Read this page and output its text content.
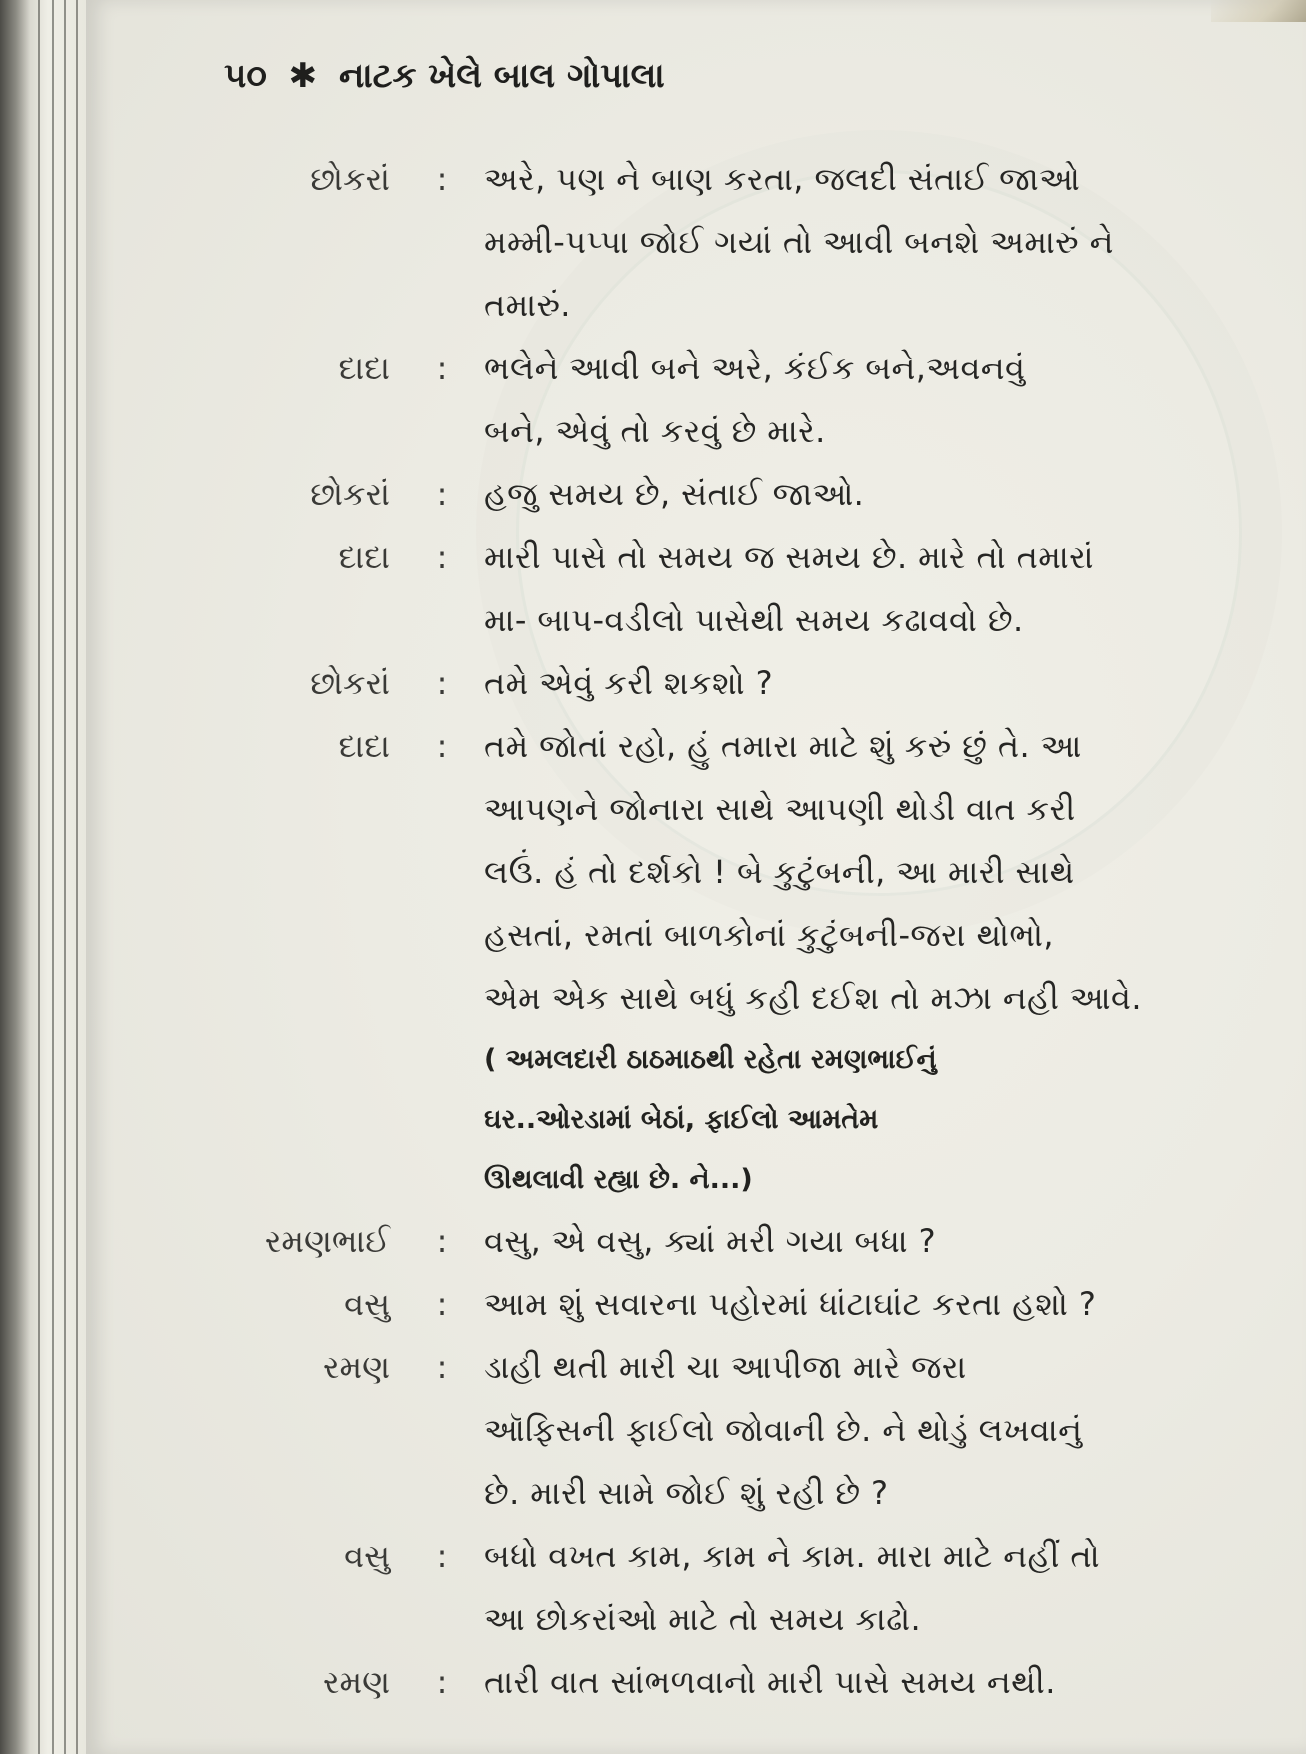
૫૦ ✱ નાટક ખેલે બાલ ગોપાલા
છોકરાં : અરે, પણ ને બાણ કરતા, જલદી સંતાઈ જાઓ
મમ્મી-પપ્પા જોઈ ગયાં તો આવી બનશે અમારું ને
તમારું.
દાદા : ભલેને આવી બને અરે, કંઈક બને,અવનવું
બને, એવું તો કરવું છે મારે.
છોકરાં : હજુ સમય છે, સંતાઈ જાઓ.
દાદા : મારી પાસે તો સમય જ સમય છે. મારે તો તમારાં
મા- બાપ-વડીલો પાસેથી સમય કઢાવવો છે.
છોકરાં : તમે એવું કરી શકશો ?
દાદા : તમે જોતાં રહો, હું તમારા માટે શું કરું છું તે. આ
આપણને જોનારા સાથે આપણી થોડી વાત કરી
લઉં. હં તો દર્શકો ! બે કુટુંબની, આ મારી સાથે
હસતાં, રમતાં બાળકોનાં કુટુંબની-જરા થોભો,
એમ એક સાથે બધું કહી દઈશ તો મઝા નહી આવે.
( અમલદારી ઠાઠમાઠથી રહેતા રમણભાઈનું
ઘર..ઓરડામાં બેઠાં, ફાઈલો આમતેમ
ઊથલાવી રહ્યા છે. ને...)
રમણભાઈ : વસુ, એ વસુ, ક્યાં મરી ગયા બધા ?
વસુ : આમ શું સવારના પહોરમાં ધાંટાઘાંટ કરતા હશો ?
રમણ : ડાહી થતી મારી ચા આપીજા મારે જરા
ઑફિસની ફાઈલો જોવાની છે. ને થોડું લખવાનું
છે. મારી સામે જોઈ શું રહી છે ?
વસુ : બધો વખત કામ, કામ ને કામ. મારા માટે નહીં તો
આ છોકરાંઓ માટે તો સમય કાઢો.
રમણ : તારી વાત સાંભળવાનો મારી પાસે સમય નથી.
